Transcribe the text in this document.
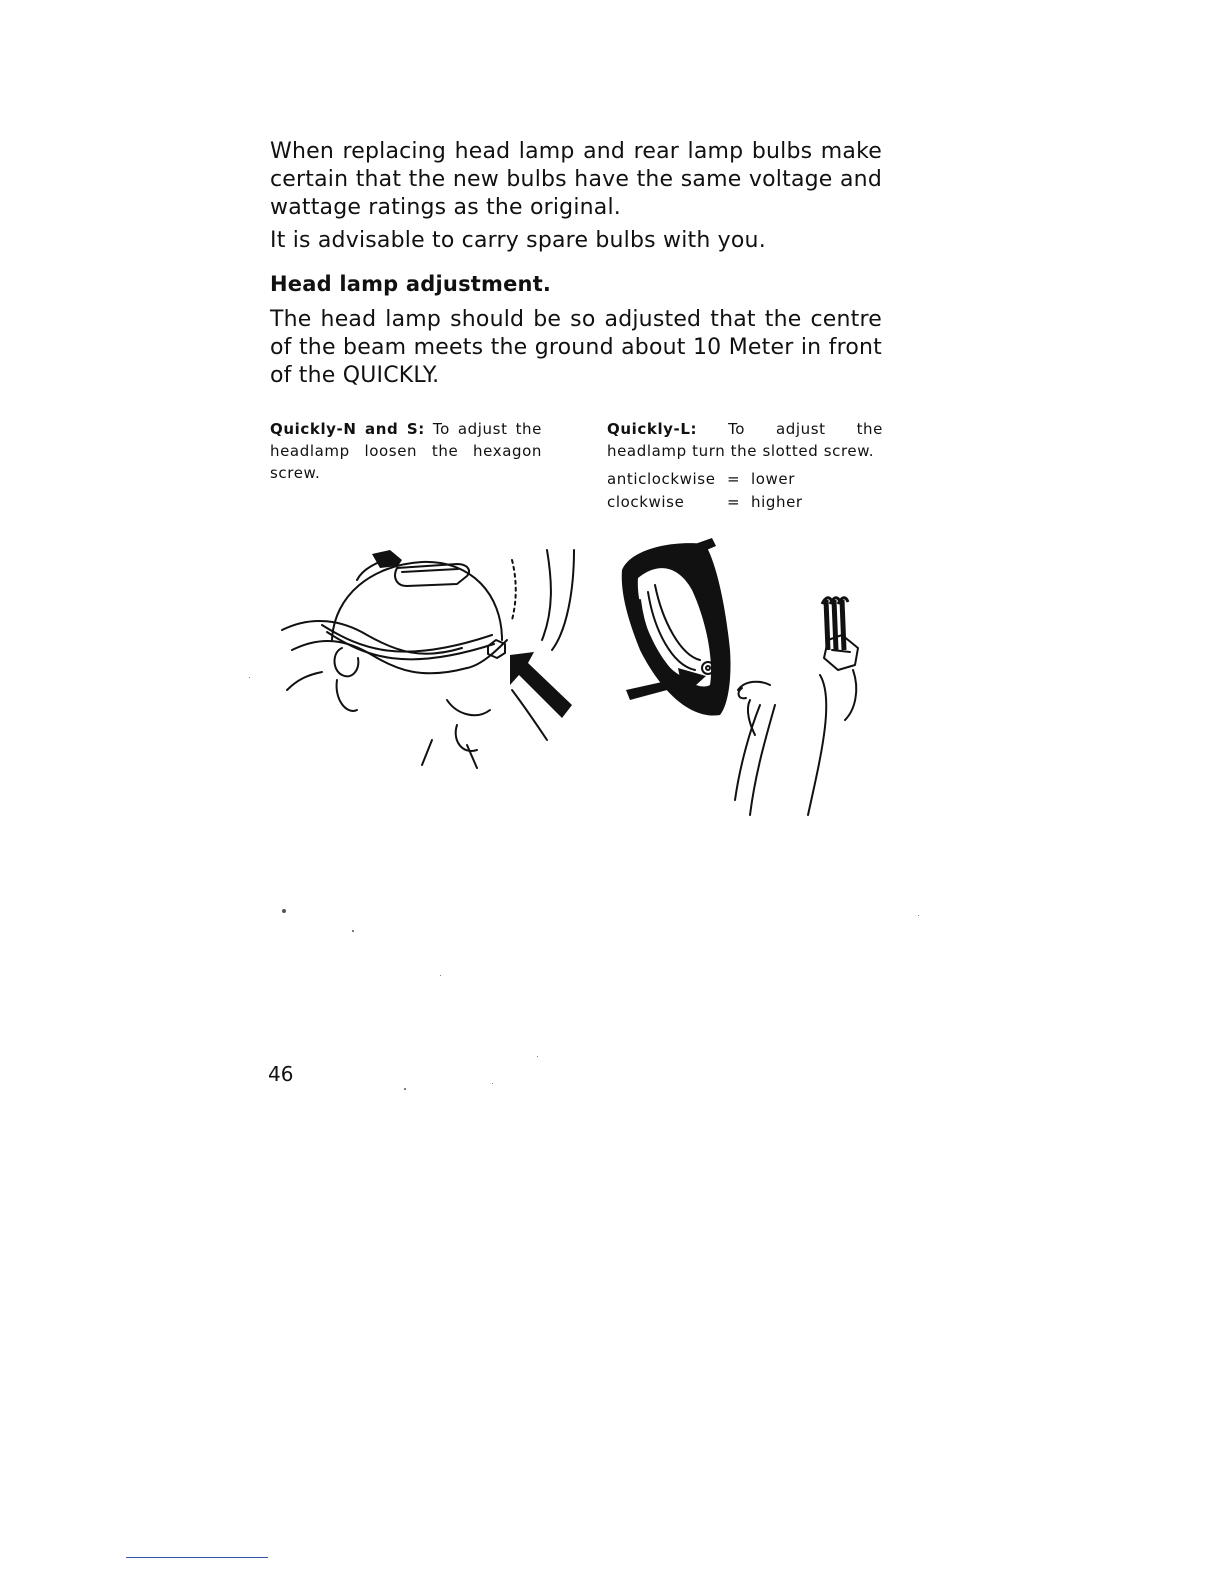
When replacing head lamp and rear lamp bulbs make certain that the new bulbs have the same voltage and wattage ratings as the original.
It is advisable to carry spare bulbs with you.
Head lamp adjustment.
The head lamp should be so adjusted that the centre of the beam meets the ground about 10 Meter in front of the QUICKLY.
Quickly-N and S: To adjust the headlamp loosen the hexagon screw.
Quickly-L: To adjust the headlamp turn the slotted screw.
anticlockwise	=	lower
clockwise	=	higher
46
